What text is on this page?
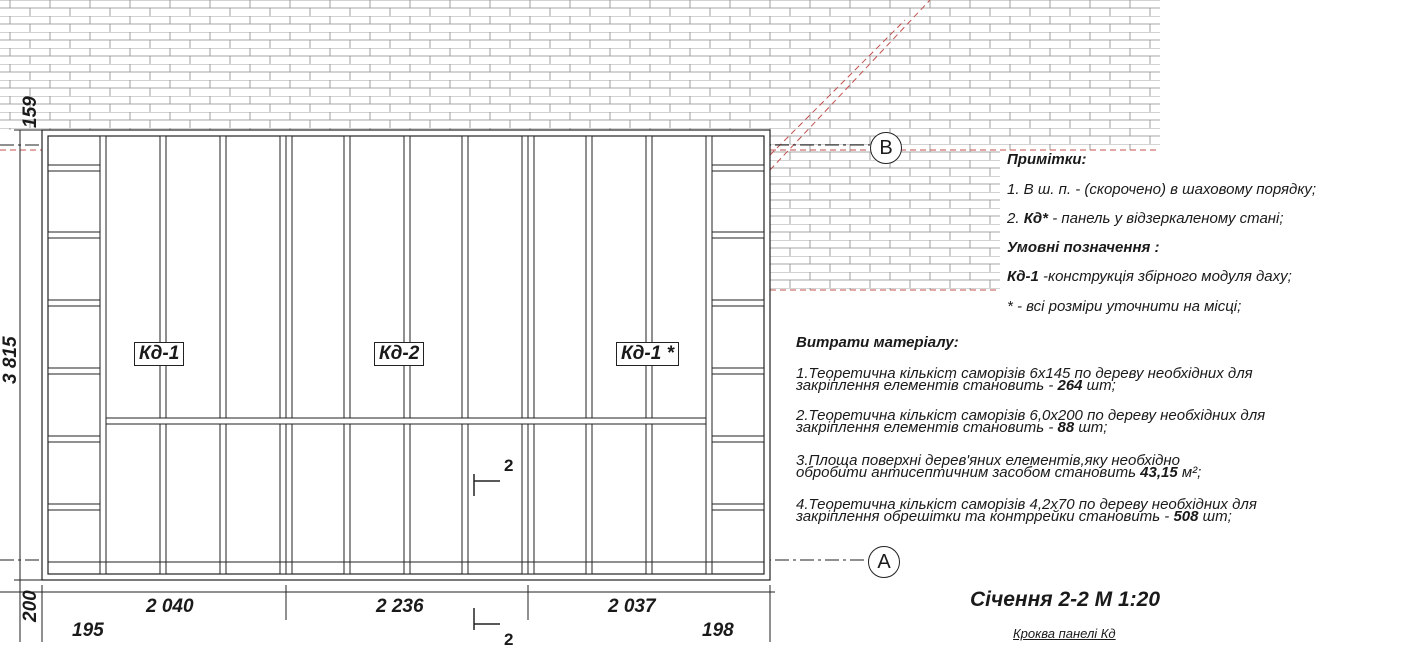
B
A
Кд-1	Кд-2	Кд-1 *
2 040	2 236	2 037
195	198
3 815
159
200
2
2
Примітки:
1. В ш. п. - (скорочено) в шаховому порядку;
2. Кд* - панель у відзеркаленому стані;
Умовні позначення :
Кд-1 -конструкція збірного модуля даху;
* - всі розміри уточнити на місці;
Витрати матеріалу:
1.Теоретична кількіст саморізів 6х145 по дереву необхідних для
закріплення елементів становить - 264 шт;
2.Теоретична кількіст саморізів 6,0х200 по дереву необхідних для
закріплення елементів становить - 88 шт;
3.Площа поверхні дерев'яних елементів,яку необхідно
обробити антисептичним засобом становить 43,15 м²;
4.Теоретична кількіст саморізів 4,2х70 по дереву необхідних для
закріплення обрешітки та контррейки становить - 508 шт;
Січення 2-2 М 1:20
Кроква панелі Кд
